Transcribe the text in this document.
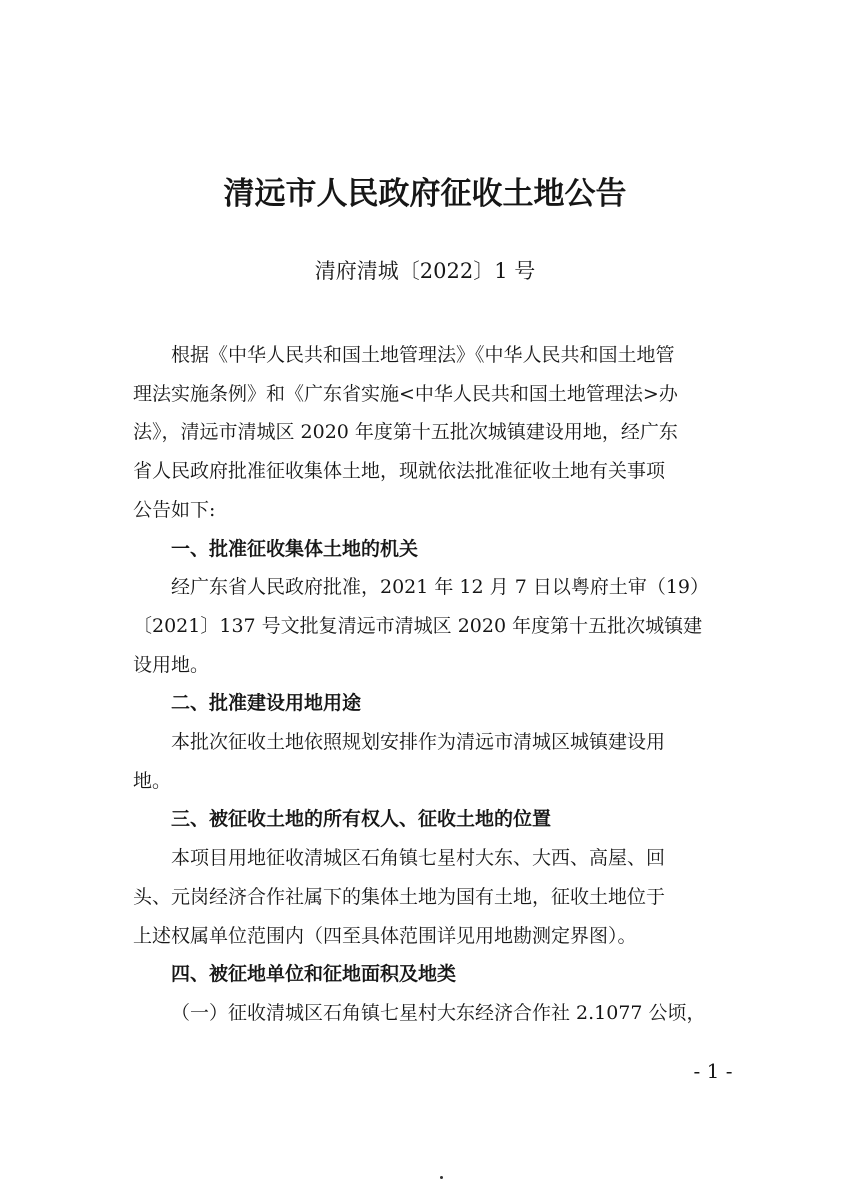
清远市人民政府征收土地公告
清府清城〔2022〕1 号

根据《中华人民共和国土地管理法》《中华人民共和国土地管

理法实施条例》和《广东省实施<中华人民共和国土地管理法>办

法》，清远市清城区 2020 年度第十五批次城镇建设用地，经广东

省人民政府批准征收集体土地，现就依法批准征收土地有关事项

公告如下:

一、批准征收集体土地的机关

经广东省人民政府批准，2021 年 12 月 7 日以粤府土审（19）

〔2021〕137 号文批复清远市清城区 2020 年度第十五批次城镇建

设用地。

二、批准建设用地用途

本批次征收土地依照规划安排作为清远市清城区城镇建设用

地。

三、被征收土地的所有权人、征收土地的位置

本项目用地征收清城区石角镇七星村大东、大西、高屋、回

头、元岗经济合作社属下的集体土地为国有土地，征收土地位于

上述权属单位范围内（四至具体范围详见用地勘测定界图）。

四、被征地单位和征地面积及地类

（一）征收清城区石角镇七星村大东经济合作社 2.1077 公顷，

- 1 -
